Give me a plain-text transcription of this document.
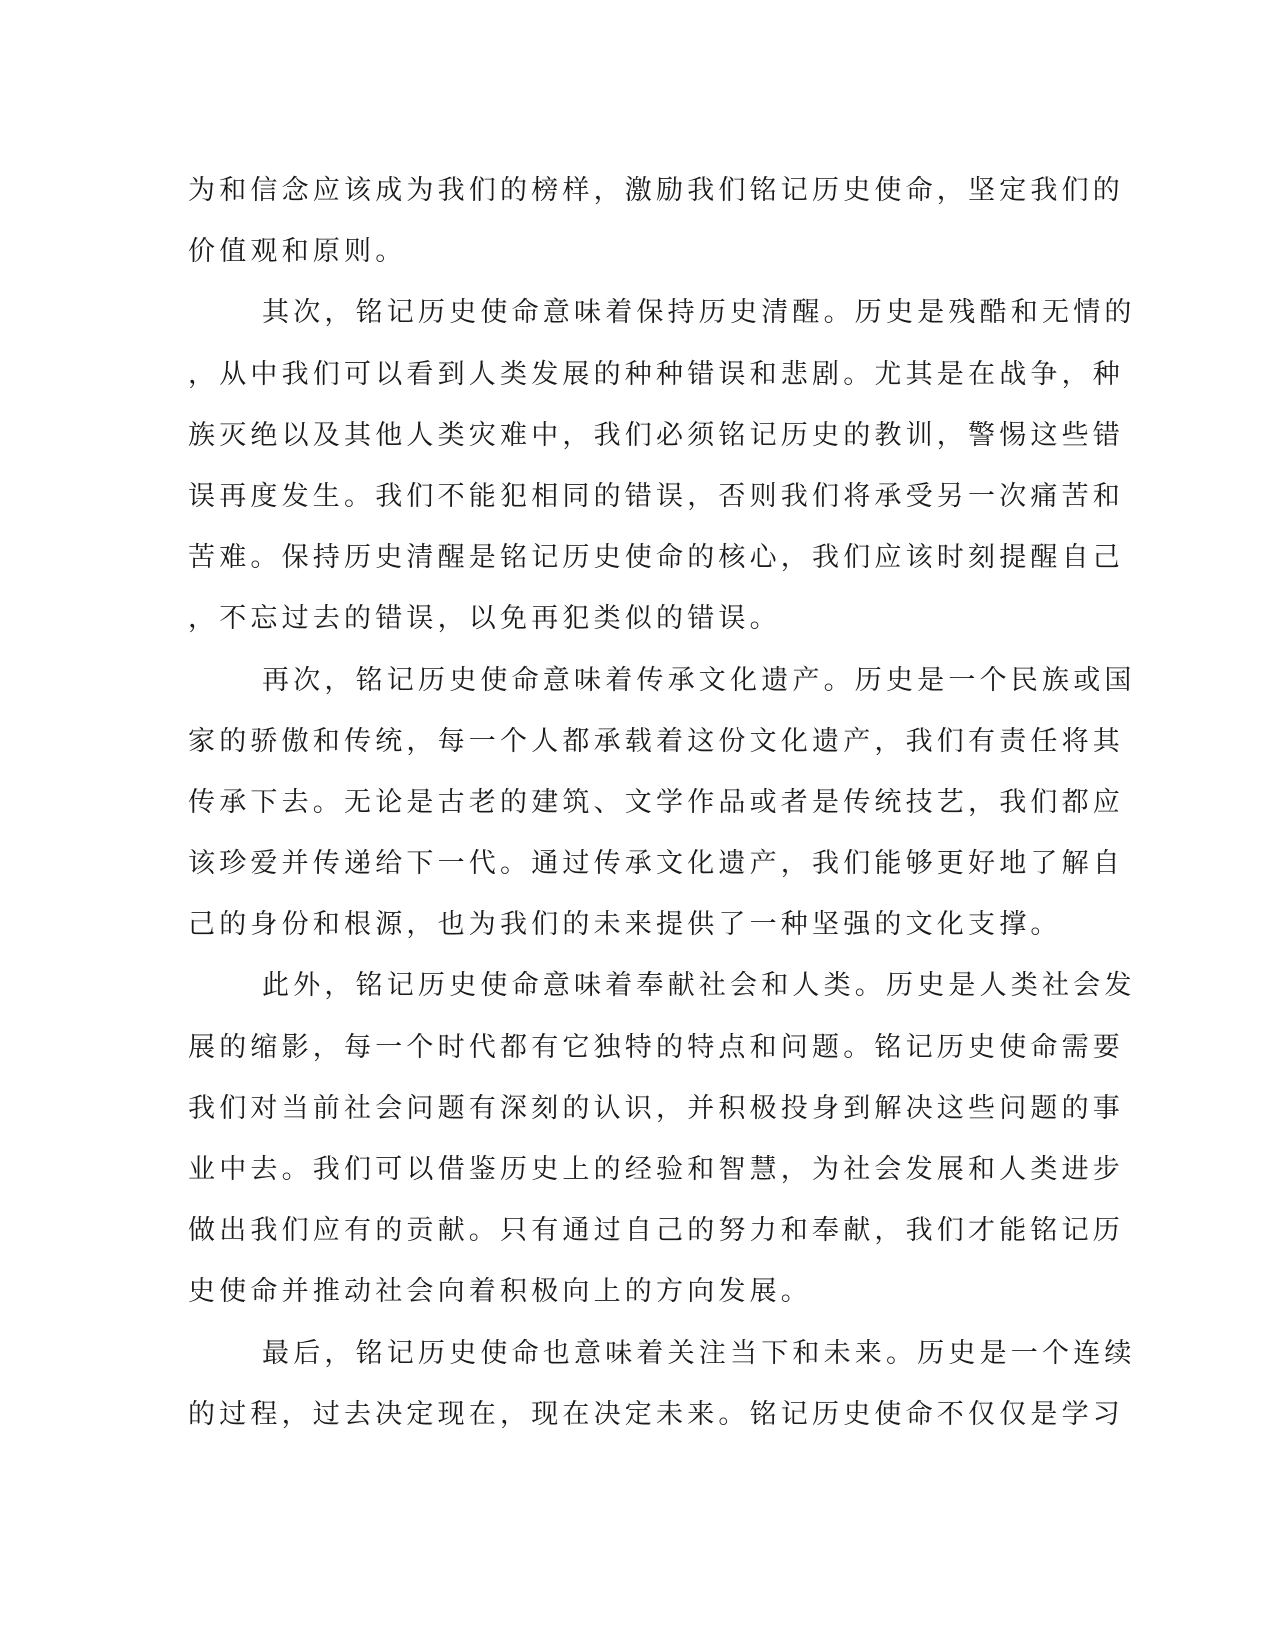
为和信念应该成为我们的榜样，激励我们铭记历史使命，坚定我们的
价值观和原则。
其次，铭记历史使命意味着保持历史清醒。历史是残酷和无情的
，从中我们可以看到人类发展的种种错误和悲剧。尤其是在战争，种
族灭绝以及其他人类灾难中，我们必须铭记历史的教训，警惕这些错
误再度发生。我们不能犯相同的错误，否则我们将承受另一次痛苦和
苦难。保持历史清醒是铭记历史使命的核心，我们应该时刻提醒自己
，不忘过去的错误，以免再犯类似的错误。
再次，铭记历史使命意味着传承文化遗产。历史是一个民族或国
家的骄傲和传统，每一个人都承载着这份文化遗产，我们有责任将其
传承下去。无论是古老的建筑、文学作品或者是传统技艺，我们都应
该珍爱并传递给下一代。通过传承文化遗产，我们能够更好地了解自
己的身份和根源，也为我们的未来提供了一种坚强的文化支撑。
此外，铭记历史使命意味着奉献社会和人类。历史是人类社会发
展的缩影，每一个时代都有它独特的特点和问题。铭记历史使命需要
我们对当前社会问题有深刻的认识，并积极投身到解决这些问题的事
业中去。我们可以借鉴历史上的经验和智慧，为社会发展和人类进步
做出我们应有的贡献。只有通过自己的努力和奉献，我们才能铭记历
史使命并推动社会向着积极向上的方向发展。
最后，铭记历史使命也意味着关注当下和未来。历史是一个连续
的过程，过去决定现在，现在决定未来。铭记历史使命不仅仅是学习
